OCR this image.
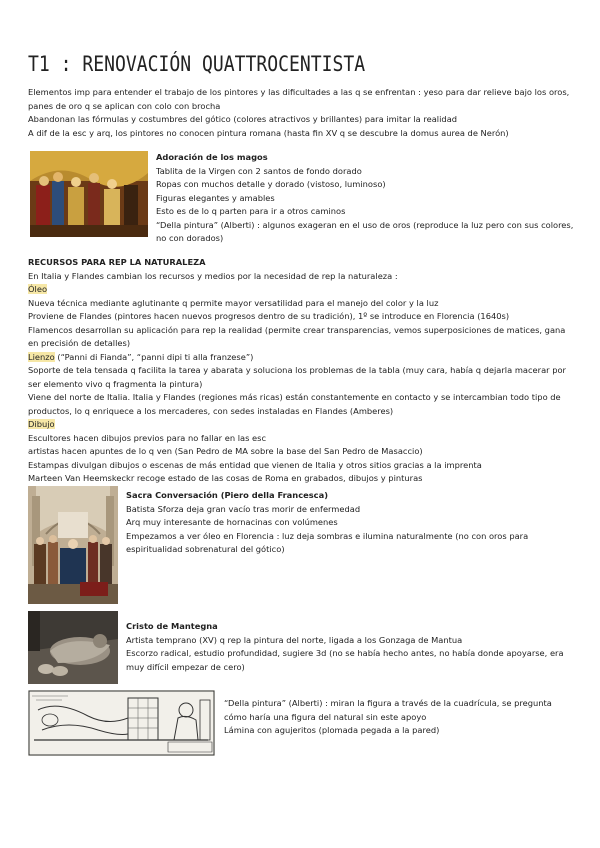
T1 : RENOVACIÓN QUATTROCENTISTA

Elementos imp para entender el trabajo de los pintores y las dificultades a las q se enfrentan : yeso para dar relieve bajo los oros, panes de oro q se aplican con colo con brocha

Abandonan las fórmulas y costumbres del gótico (colores atractivos y brillantes) para imitar la realidad

A dif de la esc y arq, los pintores no conocen pintura romana (hasta fin XV q se descubre la domus aurea de Nerón)

Adoración de los magos

Tablita de la Virgen con 2 santos de fondo dorado

Ropas con muchos detalle y dorado (vistoso, luminoso)

Figuras elegantes y amables

Esto es de lo q parten para ir a otros caminos

“Della pintura” (Alberti) : algunos exageran en el uso de oros (reproduce la luz pero con sus colores, no con dorados)

RECURSOS PARA REP LA NATURALEZA

En Italia y Flandes cambian los recursos y medios por la necesidad de rep la naturaleza :

Óleo

Nueva técnica mediante aglutinante q permite mayor versatilidad para el manejo del color y la luz

Proviene de Flandes (pintores hacen nuevos progresos dentro de su tradición), 1º se introduce en Florencia (1640s)

Flamencos desarrollan su aplicación para rep la realidad (permite crear transparencias, vemos superposiciones de matices, gana en precisión de detalles)

Lienzo (“Panni di Fianda”, “panni dipi ti alla franzese”)

Soporte de tela tensada q facilita la tarea y abarata y soluciona los problemas de la tabla (muy cara, había q dejarla macerar por ser elemento vivo q fragmenta la pintura)

Viene del norte de Italia. Italia y Flandes (regiones más ricas) están constantemente en contacto y se intercambian todo tipo de productos, lo q enriquece a los mercaderes, con sedes instaladas en Flandes (Amberes)

Dibujo

Escultores hacen dibujos previos para no fallar en las esc

artistas hacen apuntes de lo q ven (San Pedro de MA sobre la base del San Pedro de Masaccio)

Estampas divulgan dibujos o escenas de más entidad que vienen de Italia y otros sitios gracias a la imprenta

Marteen Van Heemskeckr recoge estado de las cosas de Roma en grabados, dibujos y pinturas

Sacra Conversación (Piero della Francesca)

Batista Sforza deja gran vacío tras morir de enfermedad

Arq muy interesante de hornacinas con volúmenes

Empezamos a ver óleo en Florencia : luz deja sombras e ilumina naturalmente (no con oros para espiritualidad sobrenatural del gótico)

Cristo de Mantegna

Artista temprano (XV) q rep la pintura del norte, ligada a los Gonzaga de Mantua

Escorzo radical, estudio profundidad, sugiere 3d (no se había hecho antes, no había donde apoyarse, era muy difícil empezar de cero)

“Della pintura” (Alberti) : miran la figura a través de la cuadrícula, se pregunta cómo haría una figura del natural sin este apoyo

Lámina con agujeritos (plomada pegada a la pared)
